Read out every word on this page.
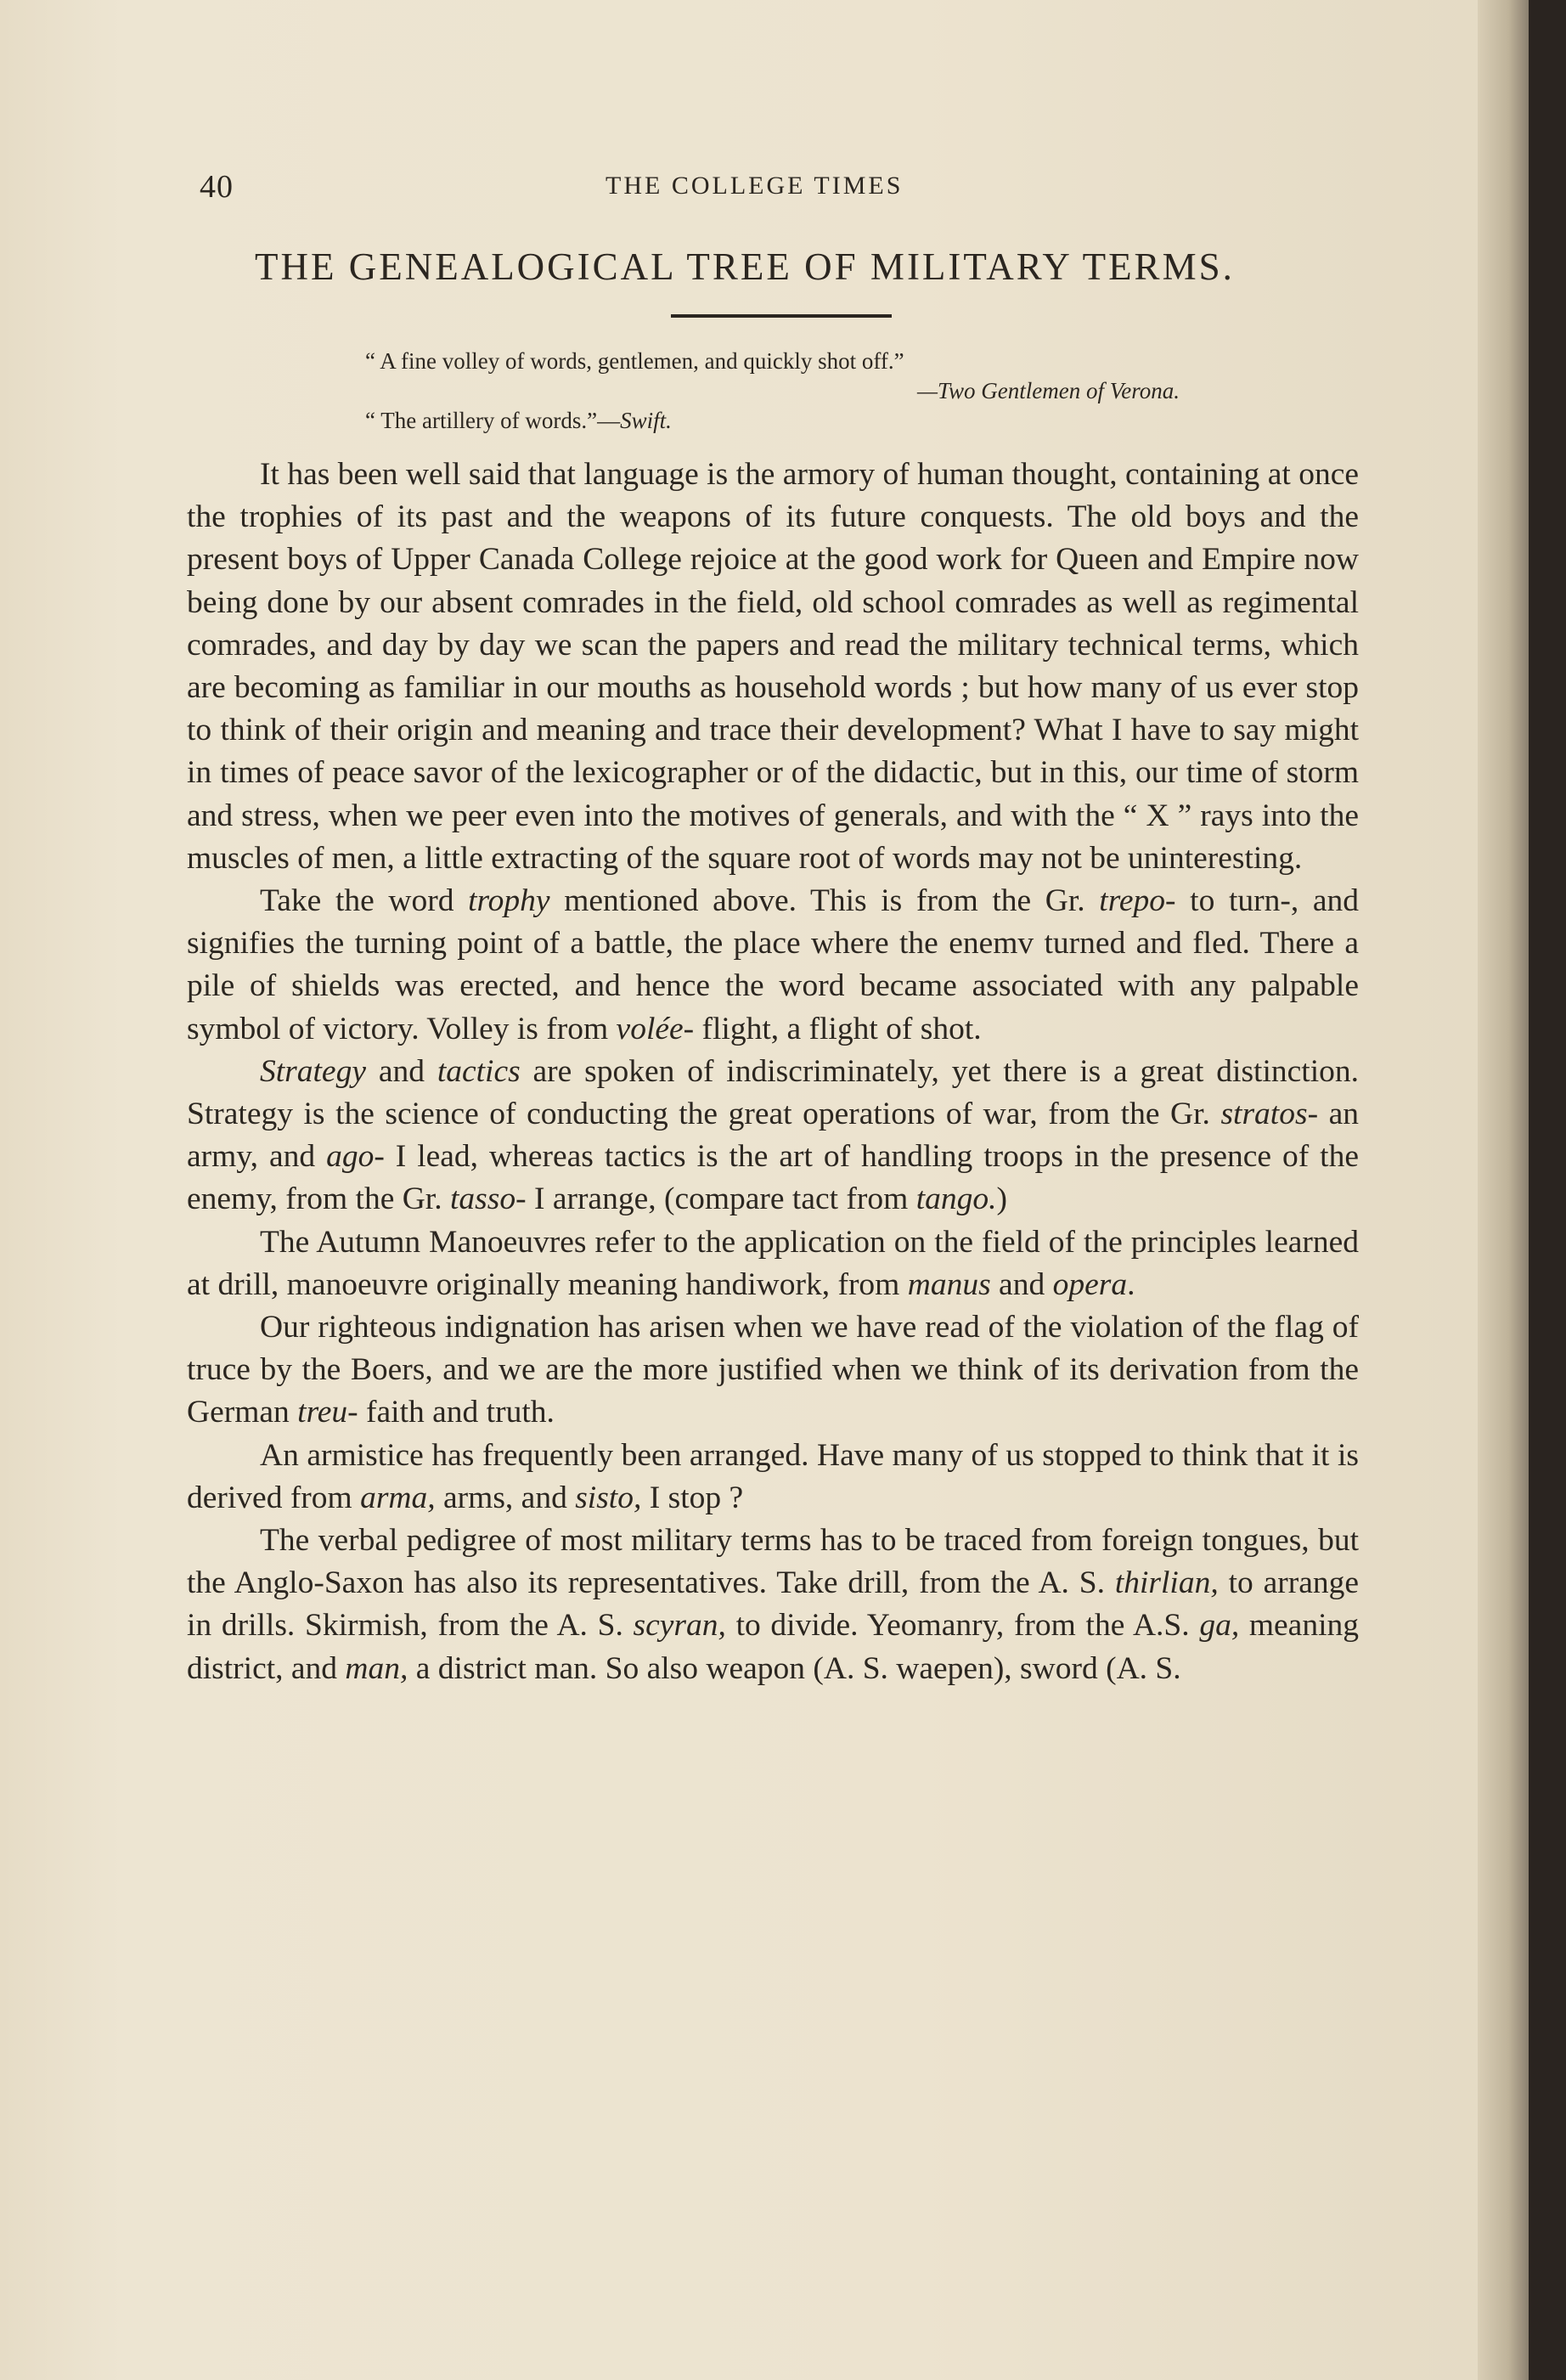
40	THE COLLEGE TIMES
THE GENEALOGICAL TREE OF MILITARY TERMS.
“ A fine volley of words, gentlemen, and quickly shot off.”
—Two Gentlemen of Verona.
“ The artillery of words.”—Swift.

It has been well said that language is the armory of human thought, containing at once the trophies of its past and the weapons of its future conquests. The old boys and the present boys of Upper Canada College rejoice at the good work for Queen and Empire now being done by our absent comrades in the field, old school comrades as well as regimental comrades, and day by day we scan the papers and read the military technical terms, which are becoming as familiar in our mouths as household words ; but how many of us ever stop to think of their origin and meaning and trace their development? What I have to say might in times of peace savor of the lexicographer or of the didactic, but in this, our time of storm and stress, when we peer even into the motives of generals, and with the “ X ” rays into the muscles of men, a little extracting of the square root of words may not be uninteresting.

Take the word trophy mentioned above. This is from the Gr. trepo- to turn-, and signifies the turning point of a battle, the place where the enemv turned and fled. There a pile of shields was erected, and hence the word became associated with any palpable symbol of victory. Volley is from volée- flight, a flight of shot.

Strategy and tactics are spoken of indiscriminately, yet there is a great distinction. Strategy is the science of conducting the great operations of war, from the Gr. stratos- an army, and ago- I lead, whereas tactics is the art of handling troops in the presence of the enemy, from the Gr. tasso- I arrange, (compare tact from tango.)

The Autumn Manoeuvres refer to the application on the field of the principles learned at drill, manoeuvre originally meaning handiwork, from manus and opera.

Our righteous indignation has arisen when we have read of the violation of the flag of truce by the Boers, and we are the more justified when we think of its derivation from the German treu- faith and truth.

An armistice has frequently been arranged. Have many of us stopped to think that it is derived from arma, arms, and sisto, I stop ?

The verbal pedigree of most military terms has to be traced from foreign tongues, but the Anglo-Saxon has also its representatives. Take drill, from the A. S. thirlian, to arrange in drills. Skirmish, from the A. S. scyran, to divide. Yeomanry, from the A.S. ga, meaning district, and man, a district man. So also weapon (A. S. waepen), sword (A. S.
